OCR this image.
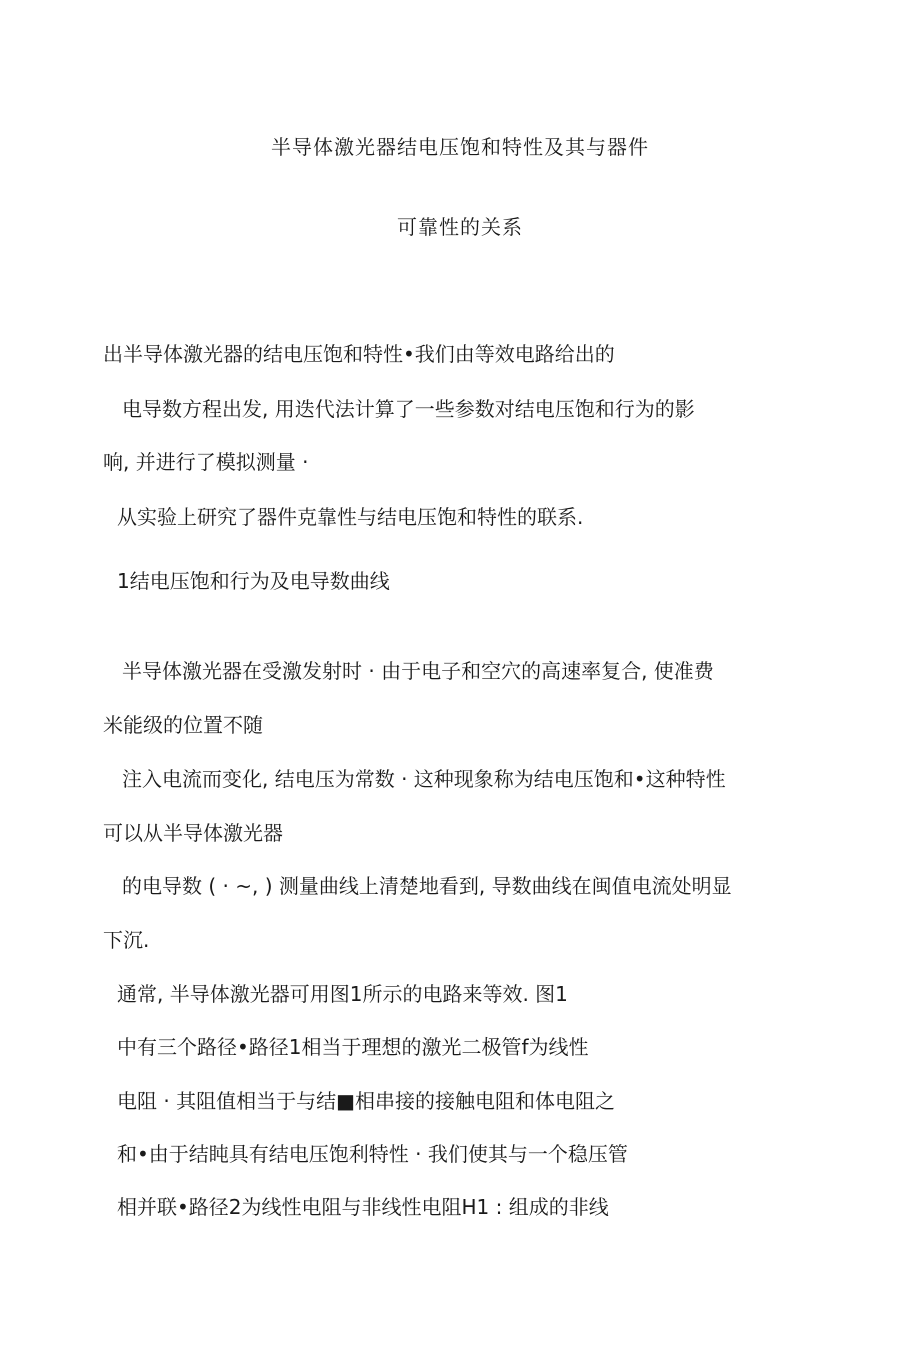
半导体激光器结电压饱和特性及其与器件
可靠性的关系

出半导体激光器的结电压饱和特性•我们由等效电路给出的

电导数方程出发, 用迭代法计算了一些参数对结电压饱和行为的影

响, 并进行了模拟测量 ·

从实验上研究了器件克靠性与结电压饱和特性的联系.

1结电压饱和行为及电导数曲线

半导体激光器在受激发射时 · 由于电子和空穴的高速率复合, 使准费

米能级的位置不随

注入电流而变化, 结电压为常数 · 这种现象称为结电压饱和•这种特性

可以从半导体激光器

的电导数 ( · ~, ) 测量曲线上清楚地看到, 导数曲线在闽值电流处明显

下沉.

通常, 半导体激光器可用图1所示的电路来等效. 图1

中有三个路径•路径1相当于理想的激光二极管f为线性

电阻 · 其阻值相当于与结■相串接的接触电阻和体电阻之

和•由于结盹具有结电压饱利特性 · 我们使其与一个稳压管

相并联•路径2为线性电阻与非线性电阻H1 : 组成的非线
